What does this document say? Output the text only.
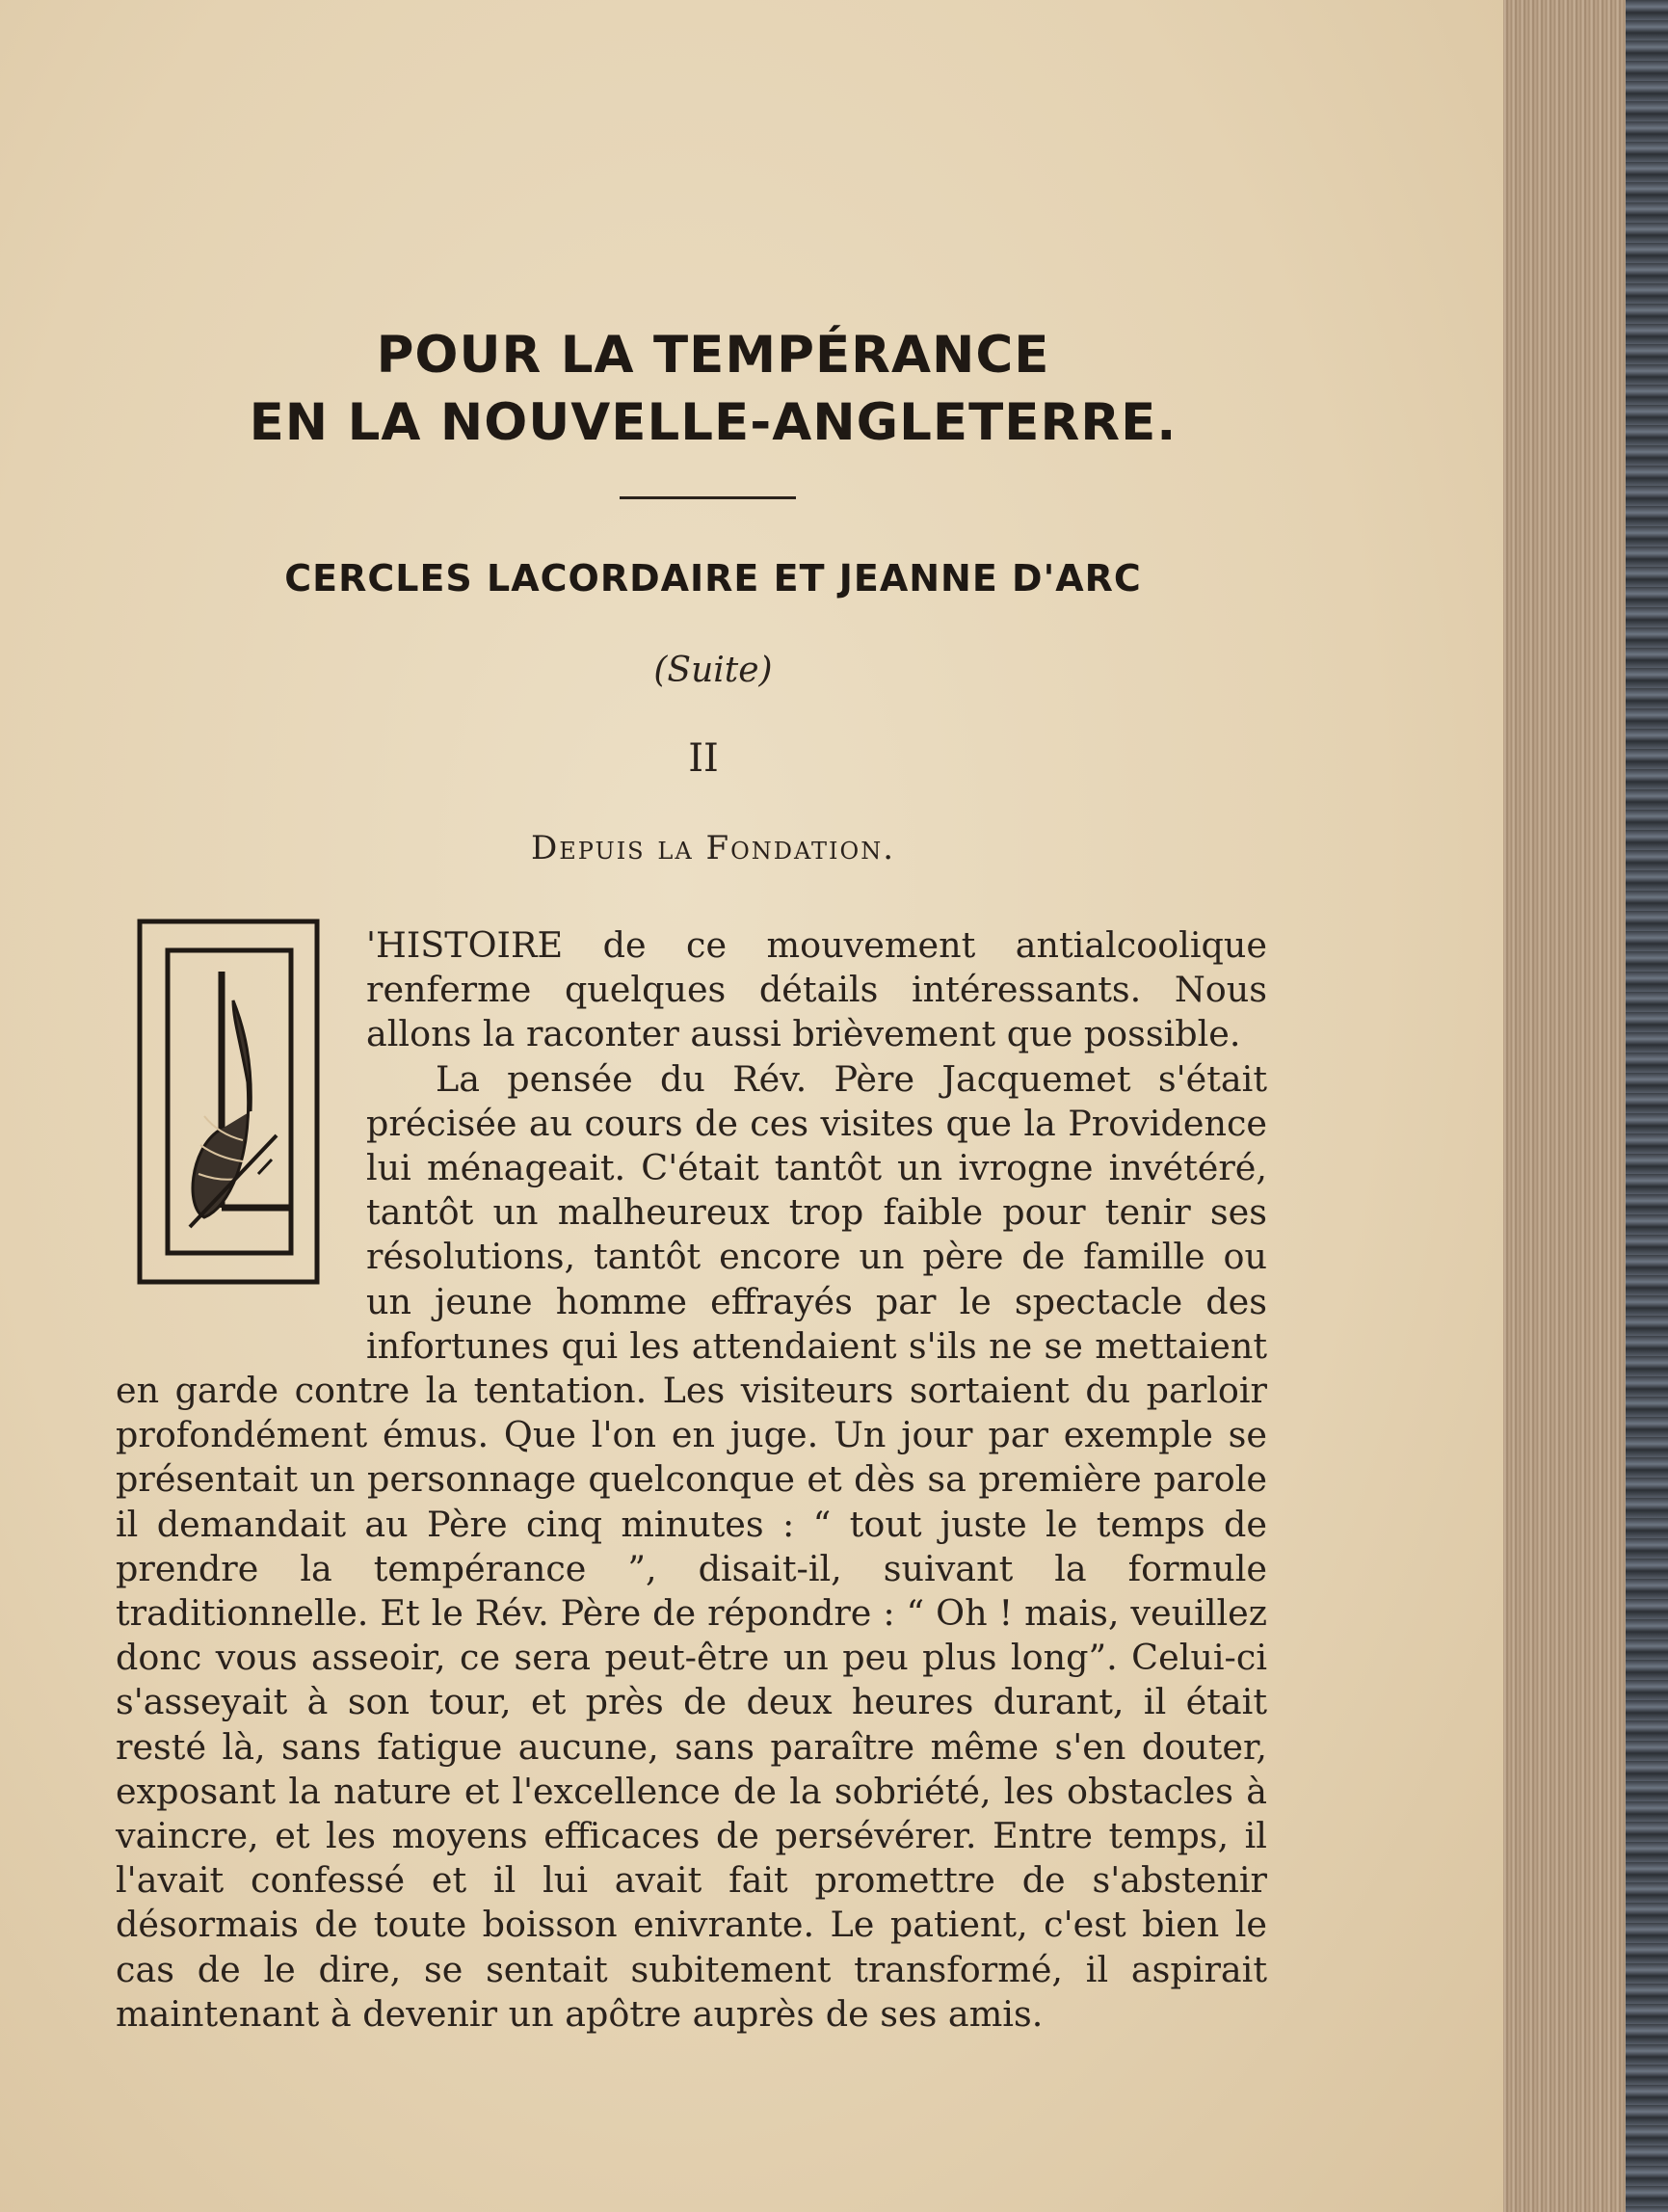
POUR LA TEMPÉRANCE
EN LA NOUVELLE-ANGLETERRE.
CERCLES LACORDAIRE ET JEANNE D'ARC

(Suite)

II

Depuis la Fondation.

'HISTOIRE de ce mouvement antialcoolique renferme quelques détails intéressants. Nous allons la raconter aussi brièvement que possible.

La pensée du Rév. Père Jacquemet s'était précisée au cours de ces visites que la Providence lui ménageait. C'était tantôt un ivrogne invétéré, tantôt un malheureux trop faible pour tenir ses résolutions, tantôt encore un père de famille ou un jeune homme effrayés par le spectacle des infortunes qui les attendaient s'ils ne se mettaient en garde contre la tentation. Les visiteurs sortaient du parloir profondément émus. Que l'on en juge. Un jour par exemple se présentait un personnage quelconque et dès sa première parole il demandait au Père cinq minutes : “ tout juste le temps de prendre la tempérance ”, disait-il, suivant la formule traditionnelle. Et le Rév. Père de répondre : “ Oh ! mais, veuillez donc vous asseoir, ce sera peut-être un peu plus long”. Celui-ci s'asseyait à son tour, et près de deux heures durant, il était resté là, sans fatigue aucune, sans paraître même s'en douter, exposant la nature et l'excellence de la sobriété, les obstacles à vaincre, et les moyens efficaces de persévérer. Entre temps, il l'avait confessé et il lui avait fait promettre de s'abstenir désormais de toute boisson enivrante. Le patient, c'est bien le cas de le dire, se sentait subitement transformé, il aspirait maintenant à devenir un apôtre auprès de ses amis.
